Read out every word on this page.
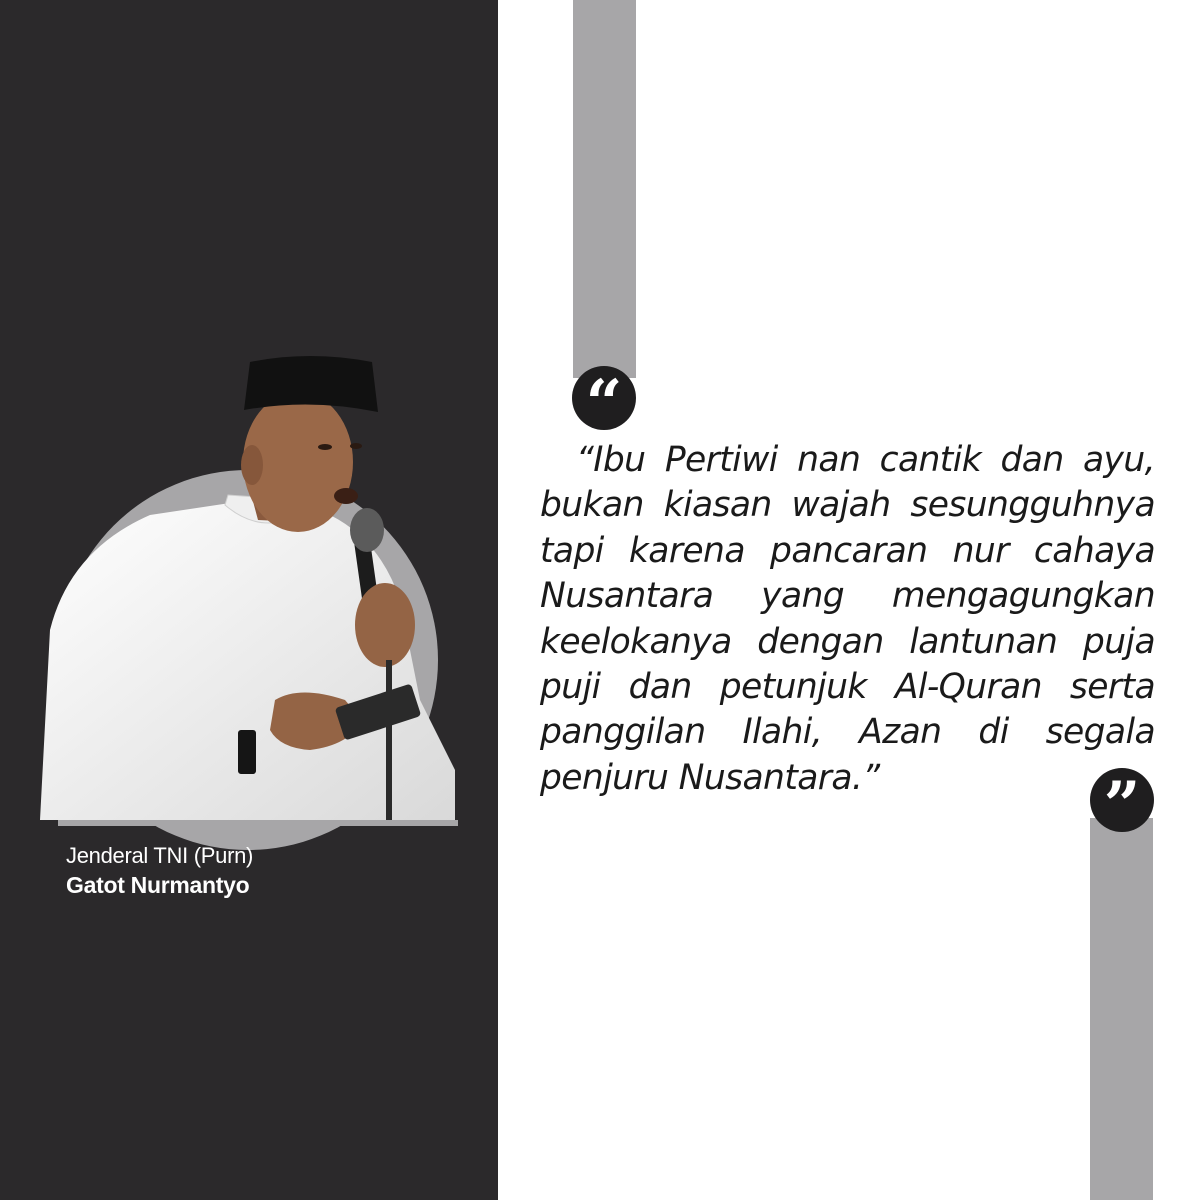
“
”
“Ibu Pertiwi nan cantik dan ayu,
bukan kiasan wajah sesungguhnya
tapi karena pancaran nur cahaya
Nusantara yang mengagungkan
keelokanya dengan lantunan puja
puji dan petunjuk Al-Quran serta
panggilan Ilahi, Azan di segala
penjuru Nusantara.”
Jenderal TNI (Purn)
Gatot Nurmantyo
